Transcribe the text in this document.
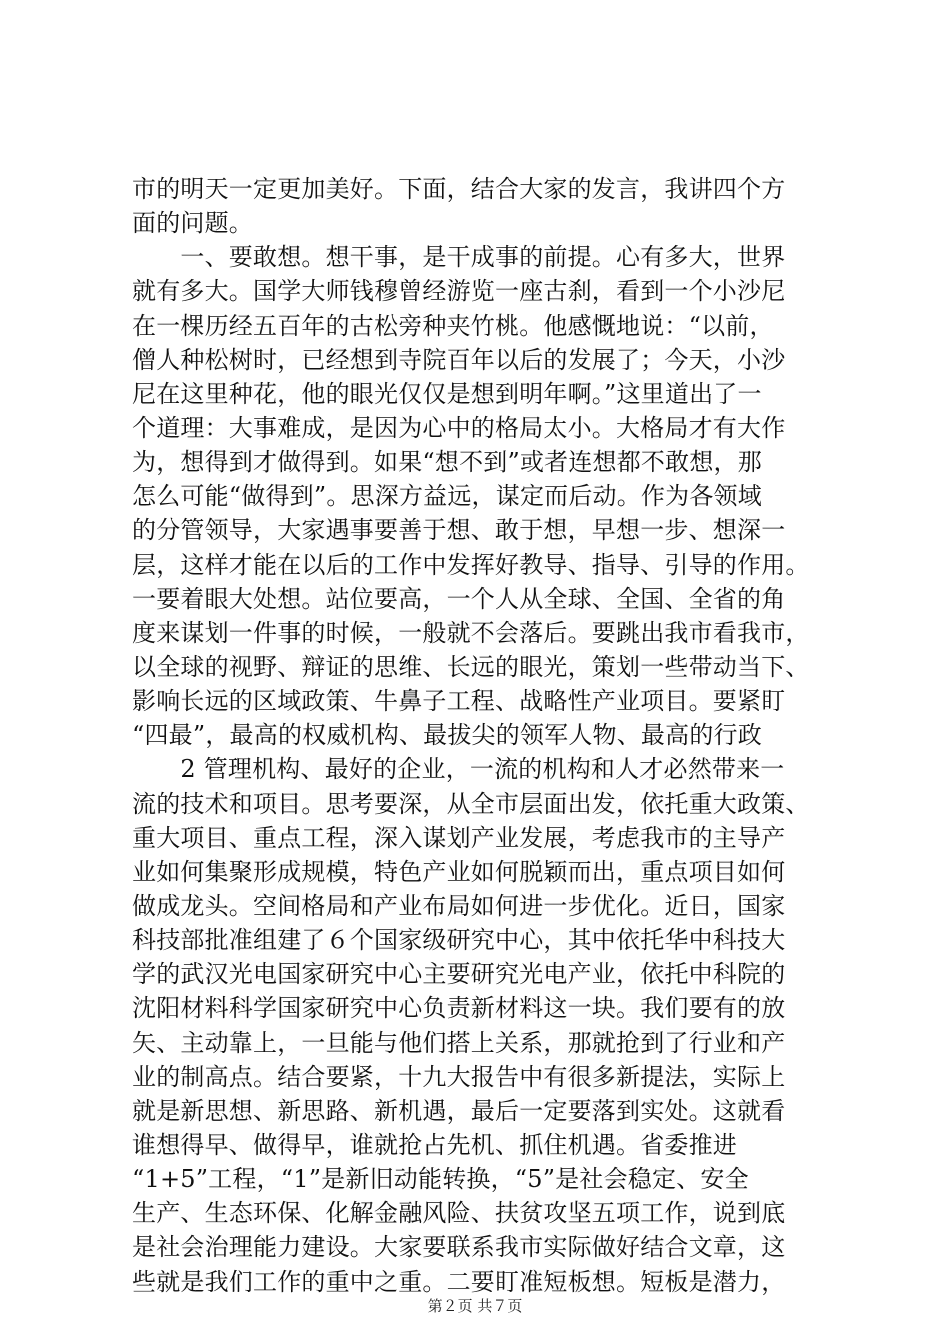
市的明天一定更加美好。下面，结合大家的发言，我讲四个方
面的问题。
　　一、要敢想。想干事，是干成事的前提。心有多大，世界
就有多大。国学大师钱穆曾经游览一座古刹，看到一个小沙尼
在一棵历经五百年的古松旁种夹竹桃。他感慨地说：“以前，
僧人种松树时，已经想到寺院百年以后的发展了；今天，小沙
尼在这里种花，他的眼光仅仅是想到明年啊。”这里道出了一
个道理：大事难成，是因为心中的格局太小。大格局才有大作
为，想得到才做得到。如果“想不到”或者连想都不敢想，那
怎么可能“做得到”。思深方益远，谋定而后动。作为各领域
的分管领导，大家遇事要善于想、敢于想，早想一步、想深一
层，这样才能在以后的工作中发挥好教导、指导、引导的作用。
一要着眼大处想。站位要高，一个人从全球、全国、全省的角
度来谋划一件事的时候，一般就不会落后。要跳出我市看我市，
以全球的视野、辩证的思维、长远的眼光，策划一些带动当下、
影响长远的区域政策、牛鼻子工程、战略性产业项目。要紧盯
“四最”，最高的权威机构、最拔尖的领军人物、最高的行政
　　2 管理机构、最好的企业，一流的机构和人才必然带来一
流的技术和项目。思考要深，从全市层面出发，依托重大政策、
重大项目、重点工程，深入谋划产业发展，考虑我市的主导产
业如何集聚形成规模，特色产业如何脱颖而出，重点项目如何
做成龙头。空间格局和产业布局如何进一步优化。近日，国家
科技部批准组建了６个国家级研究中心，其中依托华中科技大
学的武汉光电国家研究中心主要研究光电产业，依托中科院的
沈阳材料科学国家研究中心负责新材料这一块。我们要有的放
矢、主动靠上，一旦能与他们搭上关系，那就抢到了行业和产
业的制高点。结合要紧，十九大报告中有很多新提法，实际上
就是新思想、新思路、新机遇，最后一定要落到实处。这就看
谁想得早、做得早，谁就抢占先机、抓住机遇。省委推进
“1+5”工程，“1”是新旧动能转换，“5”是社会稳定、安全
生产、生态环保、化解金融风险、扶贫攻坚五项工作，说到底
是社会治理能力建设。大家要联系我市实际做好结合文章，这
些就是我们工作的重中之重。二要盯准短板想。短板是潜力，
第２页 共７页
